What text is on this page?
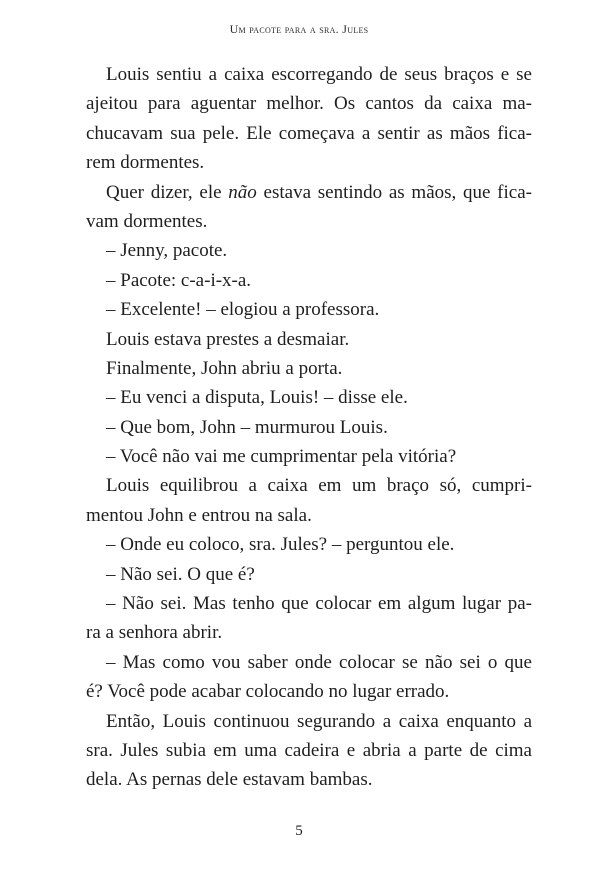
Um pacote para a sra. Jules
Louis sentiu a caixa escorregando de seus braços e se
ajeitou para aguentar melhor. Os cantos da caixa ma-
chucavam sua pele. Ele começava a sentir as mãos fica-
rem dormentes.
Quer dizer, ele não estava sentindo as mãos, que fica-
vam dormentes.
– Jenny, pacote.
– Pacote: c-a-i-x-a.
– Excelente! – elogiou a professora.
Louis estava prestes a desmaiar.
Finalmente, John abriu a porta.
– Eu venci a disputa, Louis! – disse ele.
– Que bom, John – murmurou Louis.
– Você não vai me cumprimentar pela vitória?
Louis equilibrou a caixa em um braço só, cumpri-
mentou John e entrou na sala.
– Onde eu coloco, sra. Jules? – perguntou ele.
– Não sei. O que é?
– Não sei. Mas tenho que colocar em algum lugar pa-
ra a senhora abrir.
– Mas como vou saber onde colocar se não sei o que
é? Você pode acabar colocando no lugar errado.
Então, Louis continuou segurando a caixa enquanto a
sra. Jules subia em uma cadeira e abria a parte de cima
dela. As pernas dele estavam bambas.
5
